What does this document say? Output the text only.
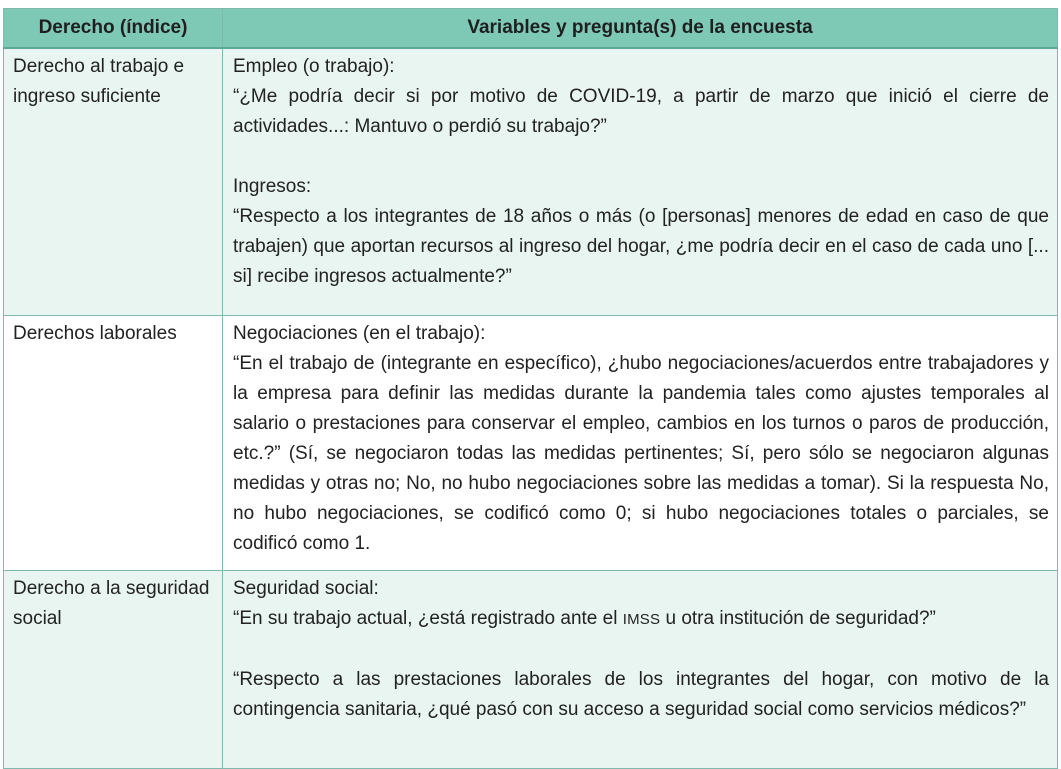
Derecho (índice)	Variables y pregunta(s) de la encuesta
Derecho al trabajo e ingreso suficiente	Empleo (o trabajo):
“¿Me podría decir si por motivo de COVID-19, a partir de marzo que inició el cierre de actividades...: Mantuvo o perdió su trabajo?”
Ingresos:
“Respecto a los integrantes de 18 años o más (o [personas] menores de edad en caso de que trabajen) que aportan recursos al ingreso del hogar, ¿me podría decir en el caso de cada uno [... si] recibe ingresos actualmente?”

Derechos laborales	Negociaciones (en el trabajo):
“En el trabajo de (integrante en específico), ¿hubo negociaciones/acuerdos entre trabajadores y la empresa para definir las medidas durante la pandemia tales como ajustes temporales al salario o prestaciones para conservar el empleo, cambios en los turnos o paros de producción, etc.?” (Sí, se negociaron todas las medidas pertinentes; Sí, pero sólo se negociaron algunas medidas y otras no; No, no hubo negociaciones sobre las medidas a tomar). Si la respuesta No, no hubo negociaciones, se codificó como 0; si hubo negociaciones totales o parciales, se codificó como 1.

Derecho a la seguridad social	Seguridad social:
“En su trabajo actual, ¿está registrado ante el IMSS u otra institución de seguridad?”
“Respecto a las prestaciones laborales de los integrantes del hogar, con motivo de la contingencia sanitaria, ¿qué pasó con su acceso a seguridad social como servicios médicos?”
